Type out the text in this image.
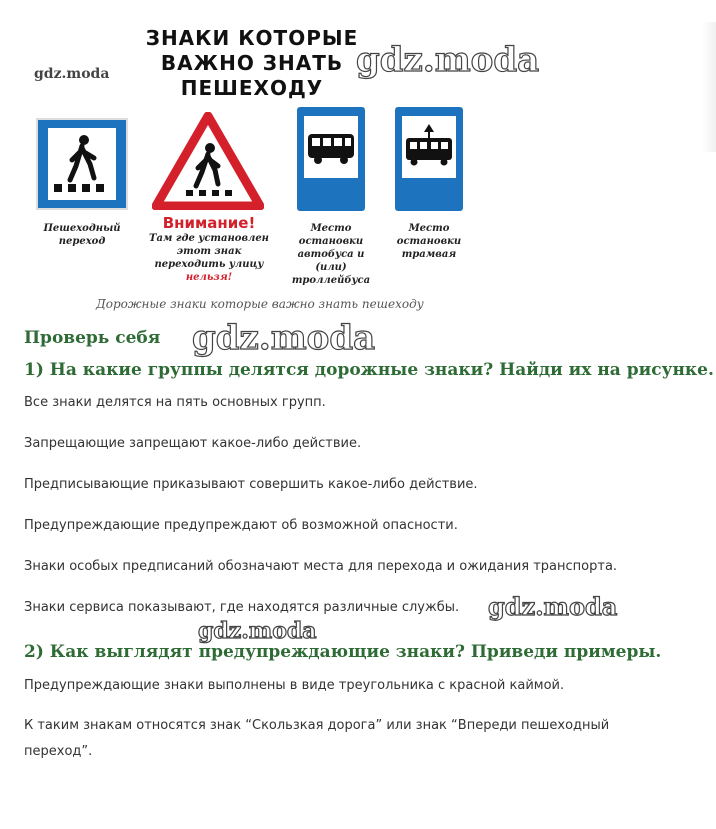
ЗНАКИ КОТОРЫЕ
ВАЖНО ЗНАТЬ
ПЕШЕХОДУ
Пешеходный
переход
Внимание!
Там где установлен
этот знак
переходить улицу
нельзя!
Место
остановки
автобуса и
(или)
троллейбуса
Место
остановки
трамвая
Дорожные знаки которые важно знать пешеходу
gdz.moda	gdz.moda
gdz.moda
gdz.moda
gdz.moda
Проверь себя
1) На какие группы делятся дорожные знаки? Найди их на рисунке.

Все знаки делятся на пять основных групп.

Запрещающие запрещают какое-либо действие.

Предписывающие приказывают совершить какое-либо действие.

Предупреждающие предупреждают об возможной опасности.

Знаки особых предписаний обозначают места для перехода и ожидания транспорта.

Знаки сервиса показывают, где находятся различные службы.

2) Как выглядят предупреждающие знаки? Приведи примеры.

Предупреждающие знаки выполнены в виде треугольника с красной каймой.

К таким знакам относятся знак “Скользкая дорога” или знак “Впереди пешеходный

переход”.
